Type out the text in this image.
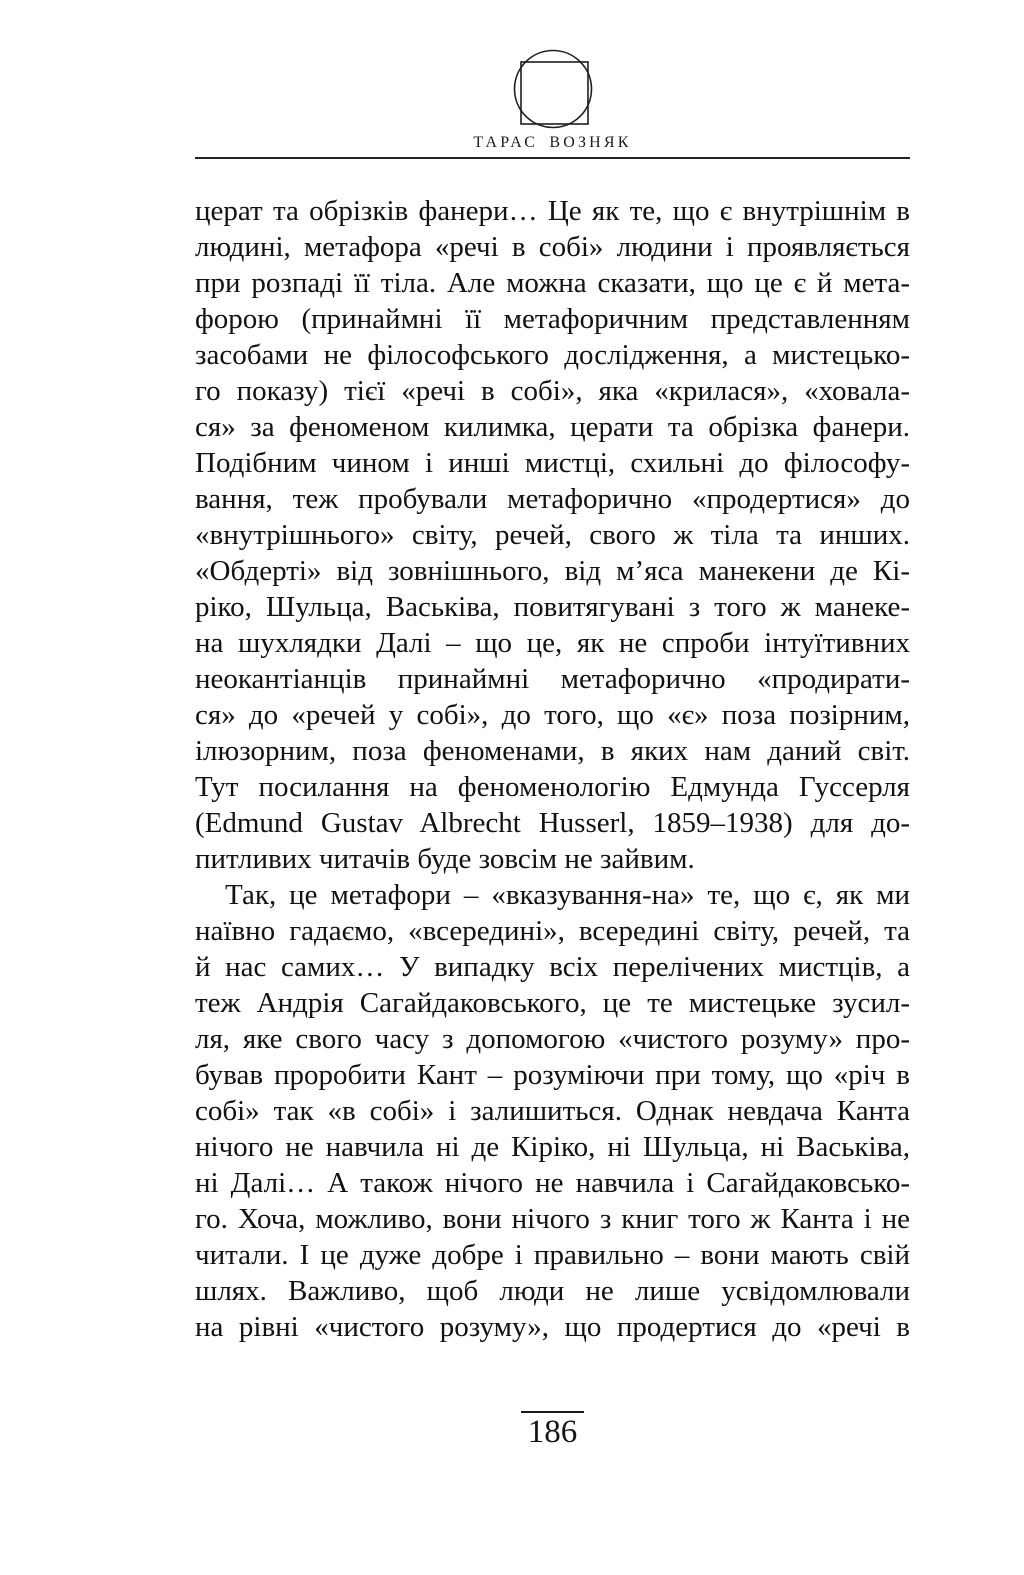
ТАРАС ВОЗНЯК
церат та обрізків фанери… Це як те, що є внутрішнім в
людині, метафора «речі в собі» людини і проявляється
при розпаді її тіла. Але можна сказати, що це є й мета-
форою (принаймні її метафоричним представленням
засобами не філософського дослідження, а мистецько-
го показу) тієї «речі в собі», яка «крилася», «ховала-
ся» за феноменом килимка, церати та обрізка фанери.
Подібним чином і инші мистці, схильні до філософу-
вання, теж пробували метафорично «продертися» до
«внутрішнього» світу, речей, свого ж тіла та инших.
«Обдерті» від зовнішнього, від м’яса манекени де Кі-
ріко, Шульца, Васьківа, повитягувані з того ж манеке-
на шухлядки Далі – що це, як не спроби інтуїтивних
неокантіанців принаймні метафорично «продирати-
ся» до «речей у собі», до того, що «є» поза позірним,
ілюзорним, поза феноменами, в яких нам даний світ.
Тут посилання на феноменологію Едмунда Гуссерля
(Edmund Gustav Albrecht Husserl, 1859–1938) для до-
питливих читачів буде зовсім не зайвим.
Так, це метафори – «вказування-на» те, що є, як ми
наївно гадаємо, «всередині», всередині світу, речей, та
й нас самих… У випадку всіх перелічених мистців, а
теж Андрія Сагайдаковського, це те мистецьке зусил-
ля, яке свого часу з допомогою «чистого розуму» про-
бував проробити Кант – розуміючи при тому, що «річ в
собі» так «в собі» і залишиться. Однак невдача Канта
нічого не навчила ні де Кіріко, ні Шульца, ні Васьківа,
ні Далі… А також нічого не навчила і Сагайдаковсько-
го. Хоча, можливо, вони нічого з книг того ж Канта і не
читали. І це дуже добре і правильно – вони мають свій
шлях. Важливо, щоб люди не лише усвідомлювали
на рівні «чистого розуму», що продертися до «речі в
186
